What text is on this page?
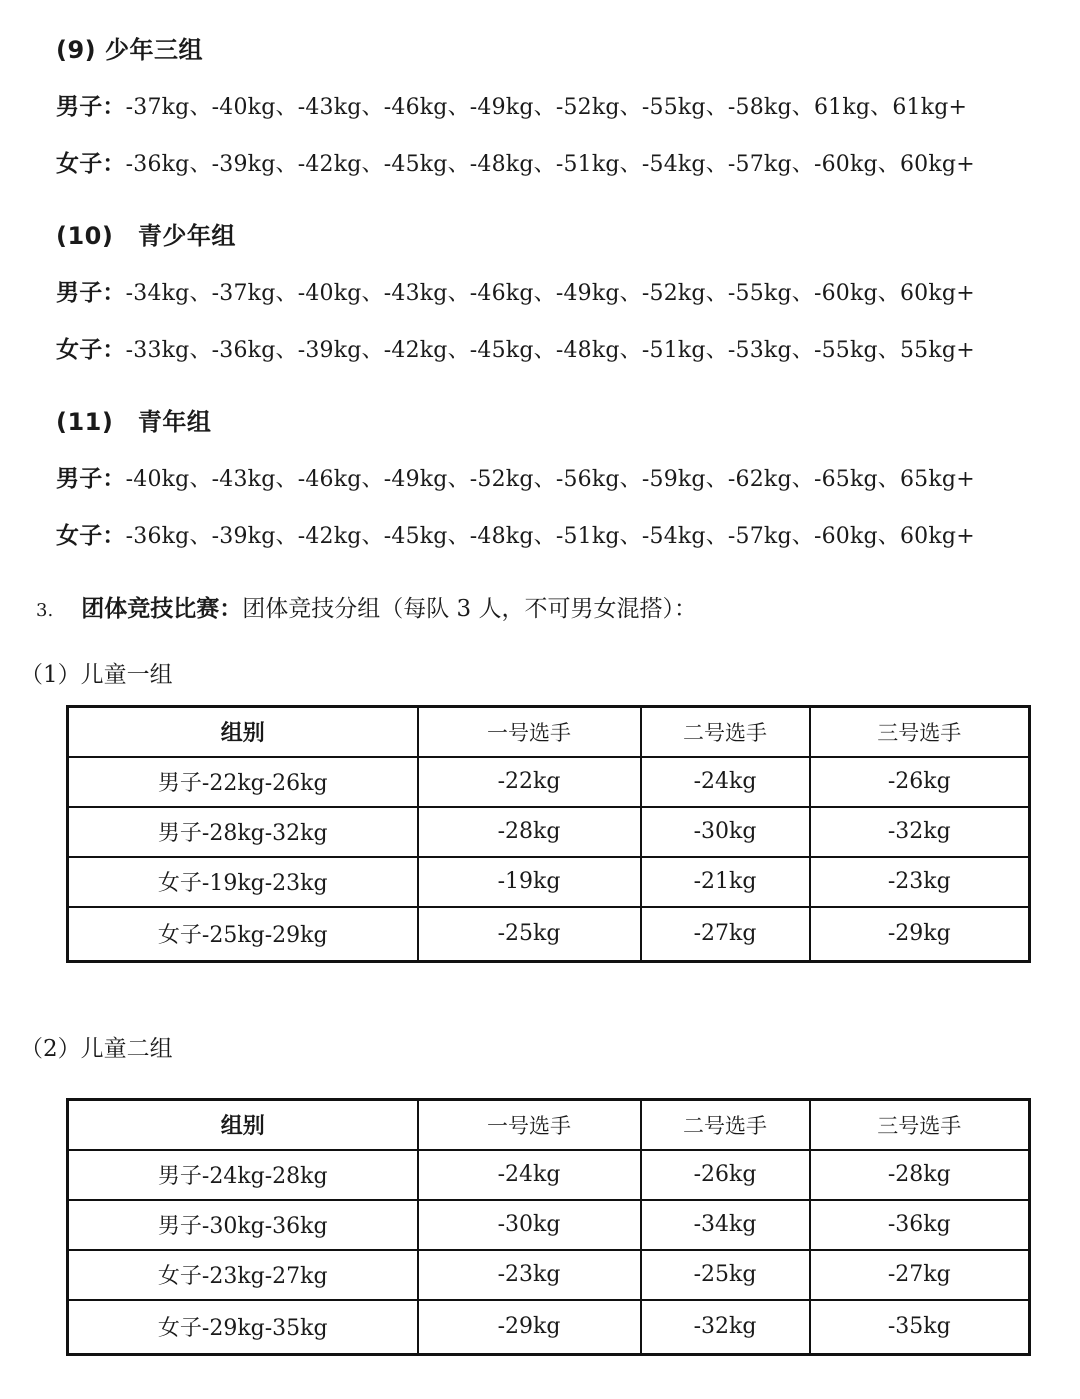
(9) 少年三组
男子：-37kg、-40kg、-43kg、-46kg、-49kg、-52kg、-55kg、-58kg、61kg、61kg+
女子：-36kg、-39kg、-42kg、-45kg、-48kg、-51kg、-54kg、-57kg、-60kg、60kg+
(10)　青少年组
男子：-34kg、-37kg、-40kg、-43kg、-46kg、-49kg、-52kg、-55kg、-60kg、60kg+
女子：-33kg、-36kg、-39kg、-42kg、-45kg、-48kg、-51kg、-53kg、-55kg、55kg+
(11)　青年组
男子：-40kg、-43kg、-46kg、-49kg、-52kg、-56kg、-59kg、-62kg、-65kg、65kg+
女子：-36kg、-39kg、-42kg、-45kg、-48kg、-51kg、-54kg、-57kg、-60kg、60kg+
3. 团体竞技比赛：团体竞技分组（每队 3 人，不可男女混搭）：
（1）儿童一组
组别	一号选手	二号选手	三号选手
男子-22kg-26kg	-22kg	-24kg	-26kg
男子-28kg-32kg	-28kg	-30kg	-32kg
女子-19kg-23kg	-19kg	-21kg	-23kg
女子-25kg-29kg	-25kg	-27kg	-29kg
（2）儿童二组
组别	一号选手	二号选手	三号选手
男子-24kg-28kg	-24kg	-26kg	-28kg
男子-30kg-36kg	-30kg	-34kg	-36kg
女子-23kg-27kg	-23kg	-25kg	-27kg
女子-29kg-35kg	-29kg	-32kg	-35kg
